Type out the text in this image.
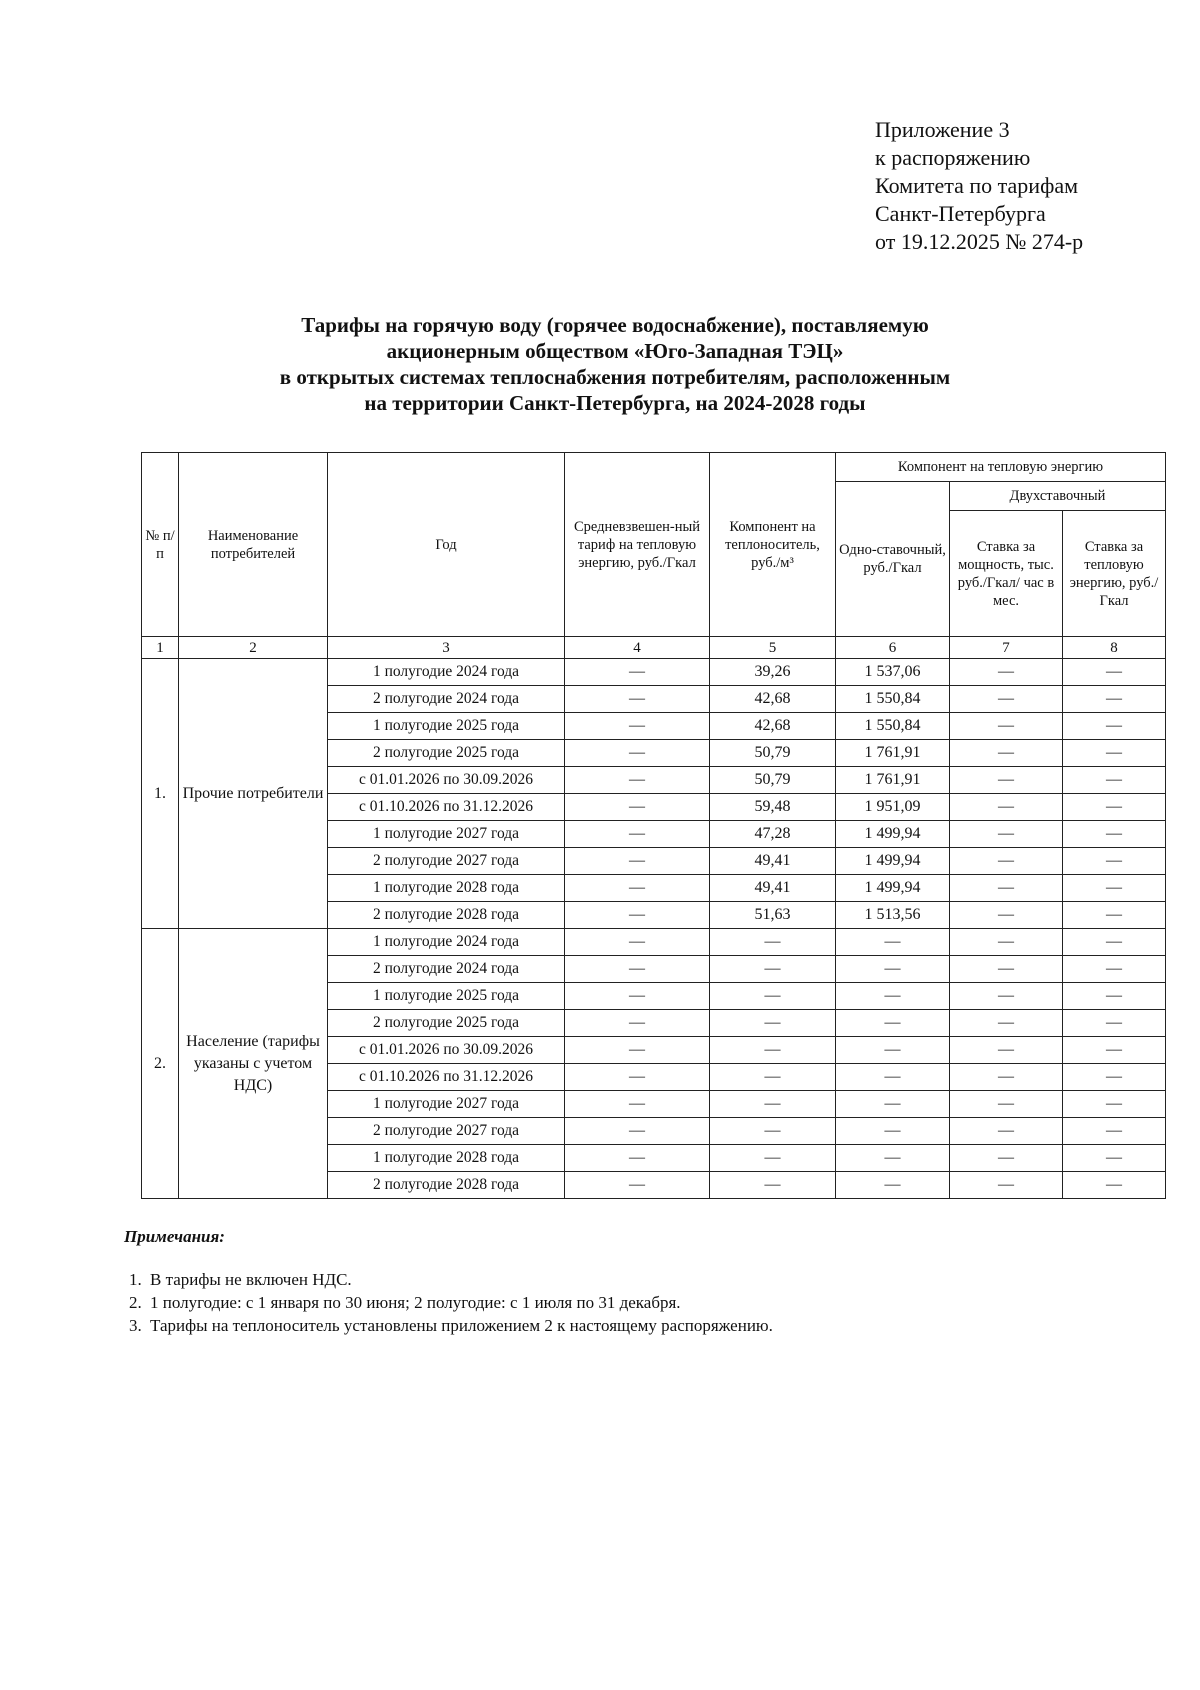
Приложение 3
к распоряжению
Комитета по тарифам
Санкт-Петербурга
от 19.12.2025 № 274-р
Тарифы на горячую воду (горячее водоснабжение), поставляемую
акционерным обществом «Юго-Западная ТЭЦ»
в открытых системах теплоснабжения потребителям, расположенным
на территории Санкт-Петербурга, на 2024-2028 годы
№ п/п	Наименование потребителей	Год	Средневзвешен-ный тариф на тепловую энергию, руб./Гкал	Компонент на теплоноситель, руб./м³	Компонент на тепловую энергию		
					Одно-ставочный, руб./Гкал	Двухставочный	
						Ставка за мощность, тыс. руб./Гкал/ час в мес.	Ставка за тепловую энергию, руб./Гкал
1	2	3	4	5	6	7	8
1.	Прочие потребители	1 полугодие 2024 года	—	39,26	1 537,06	—	—
		2 полугодие 2024 года	—	42,68	1 550,84	—	—
		1 полугодие 2025 года	—	42,68	1 550,84	—	—
		2 полугодие 2025 года	—	50,79	1 761,91	—	—
		с 01.01.2026 по 30.09.2026	—	50,79	1 761,91	—	—
		с 01.10.2026 по 31.12.2026	—	59,48	1 951,09	—	—
		1 полугодие 2027 года	—	47,28	1 499,94	—	—
		2 полугодие 2027 года	—	49,41	1 499,94	—	—
		1 полугодие 2028 года	—	49,41	1 499,94	—	—
		2 полугодие 2028 года	—	51,63	1 513,56	—	—
2.	Население (тарифы указаны с учетом НДС)	1 полугодие 2024 года	—	—	—	—	—
		2 полугодие 2024 года	—	—	—	—	—
		1 полугодие 2025 года	—	—	—	—	—
		2 полугодие 2025 года	—	—	—	—	—
		с 01.01.2026 по 30.09.2026	—	—	—	—	—
		с 01.10.2026 по 31.12.2026	—	—	—	—	—
		1 полугодие 2027 года	—	—	—	—	—
		2 полугодие 2027 года	—	—	—	—	—
		1 полугодие 2028 года	—	—	—	—	—
		2 полугодие 2028 года	—	—	—	—	—
Примечания:
1. В тарифы не включен НДС.
2. 1 полугодие: с 1 января по 30 июня; 2 полугодие: с 1 июля по 31 декабря.
3. Тарифы на теплоноситель установлены приложением 2 к настоящему распоряжению.
